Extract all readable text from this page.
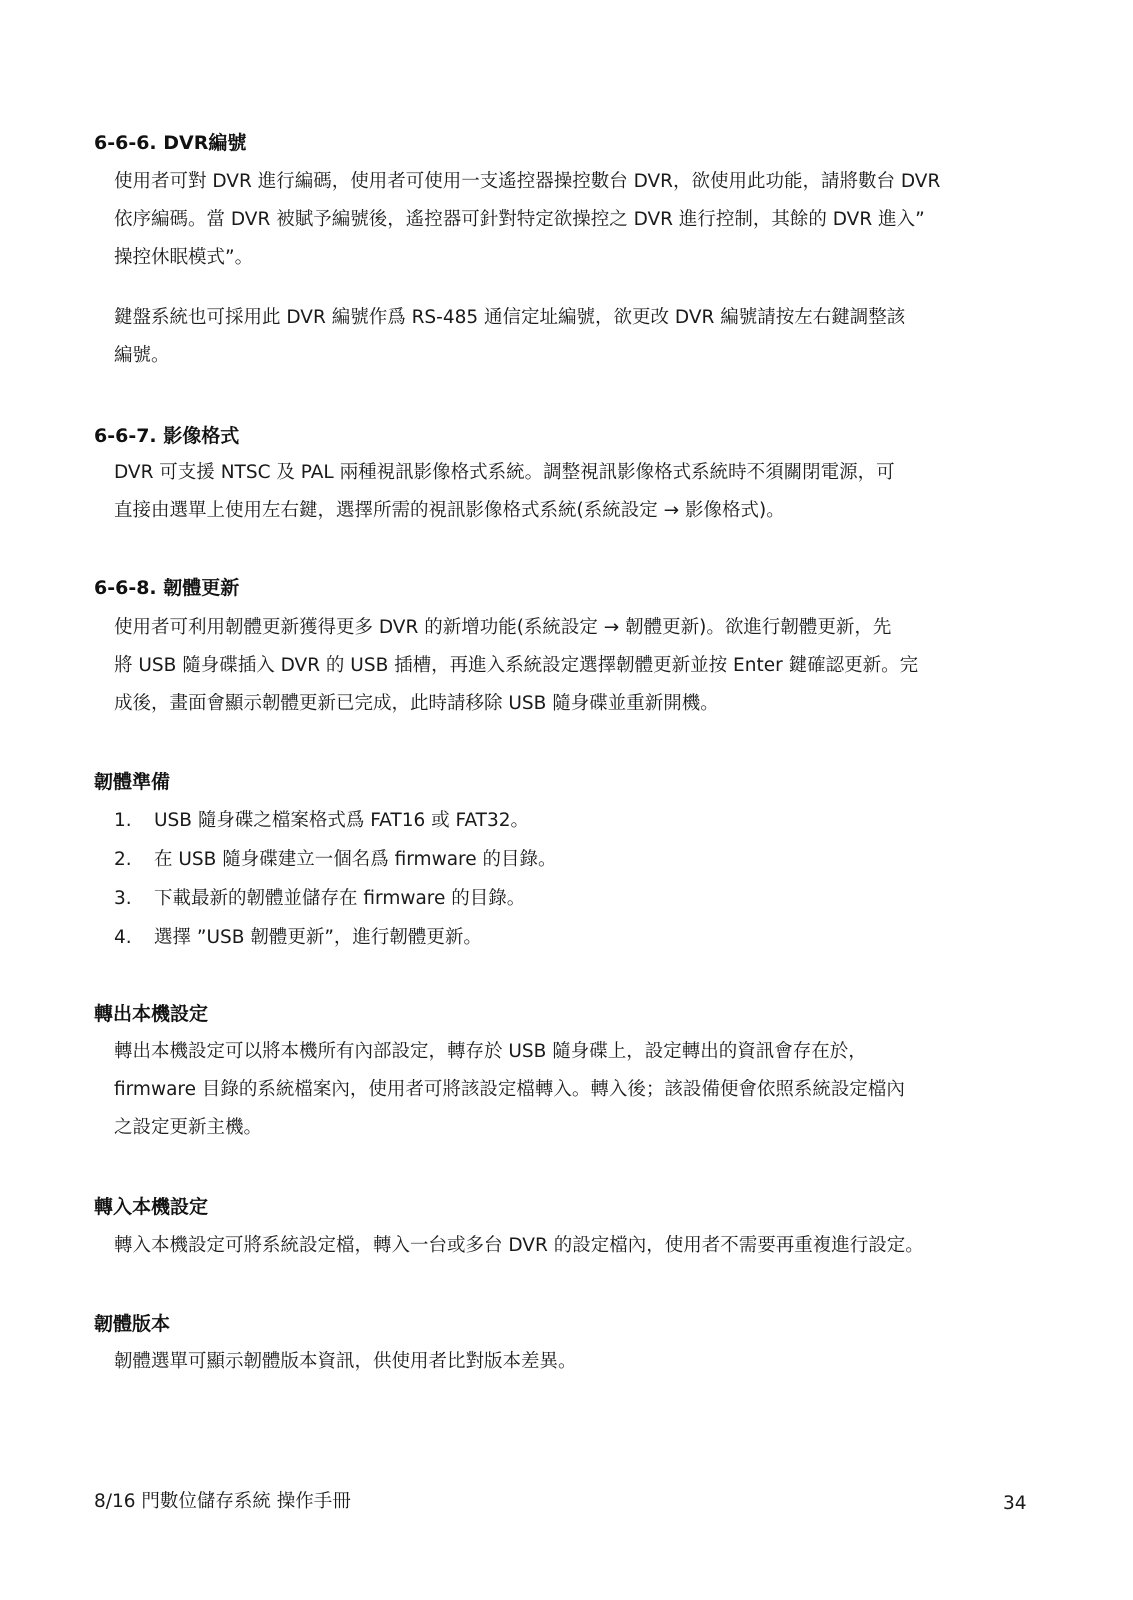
6-6-6. DVR編號

使用者可對 DVR 進行編碼，使用者可使用一支遙控器操控數台 DVR，欲使用此功能，請將數台 DVR
依序編碼。當 DVR 被賦予編號後，遙控器可針對特定欲操控之 DVR 進行控制，其餘的 DVR 進入”
操控休眠模式”。

鍵盤系統也可採用此 DVR 編號作爲 RS-485 通信定址編號，欲更改 DVR 編號請按左右鍵調整該
編號。

6-6-7. 影像格式

DVR 可支援 NTSC 及 PAL 兩種視訊影像格式系統。調整視訊影像格式系統時不須關閉電源，可
直接由選單上使用左右鍵，選擇所需的視訊影像格式系統(系統設定 → 影像格式)。

6-6-8. 韌體更新

使用者可利用韌體更新獲得更多 DVR 的新增功能(系統設定 → 韌體更新)。欲進行韌體更新，先
將 USB 隨身碟插入 DVR 的 USB 插槽，再進入系統設定選擇韌體更新並按 Enter 鍵確認更新。完
成後，畫面會顯示韌體更新已完成，此時請移除 USB 隨身碟並重新開機。

韌體準備
1.	USB 隨身碟之檔案格式爲 FAT16 或 FAT32。
2.	在 USB 隨身碟建立一個名爲 firmware 的目錄。
3.	下載最新的韌體並儲存在 firmware 的目錄。
4.	選擇 ”USB 韌體更新”，進行韌體更新。
轉出本機設定

轉出本機設定可以將本機所有內部設定，轉存於 USB 隨身碟上，設定轉出的資訊會存在於，
firmware 目錄的系統檔案內，使用者可將該設定檔轉入。轉入後；該設備便會依照系統設定檔內
之設定更新主機。

轉入本機設定

轉入本機設定可將系統設定檔，轉入一台或多台 DVR 的設定檔內，使用者不需要再重複進行設定。

韌體版本

韌體選單可顯示韌體版本資訊，供使用者比對版本差異。

8/16 門數位儲存系統 操作手冊	34
